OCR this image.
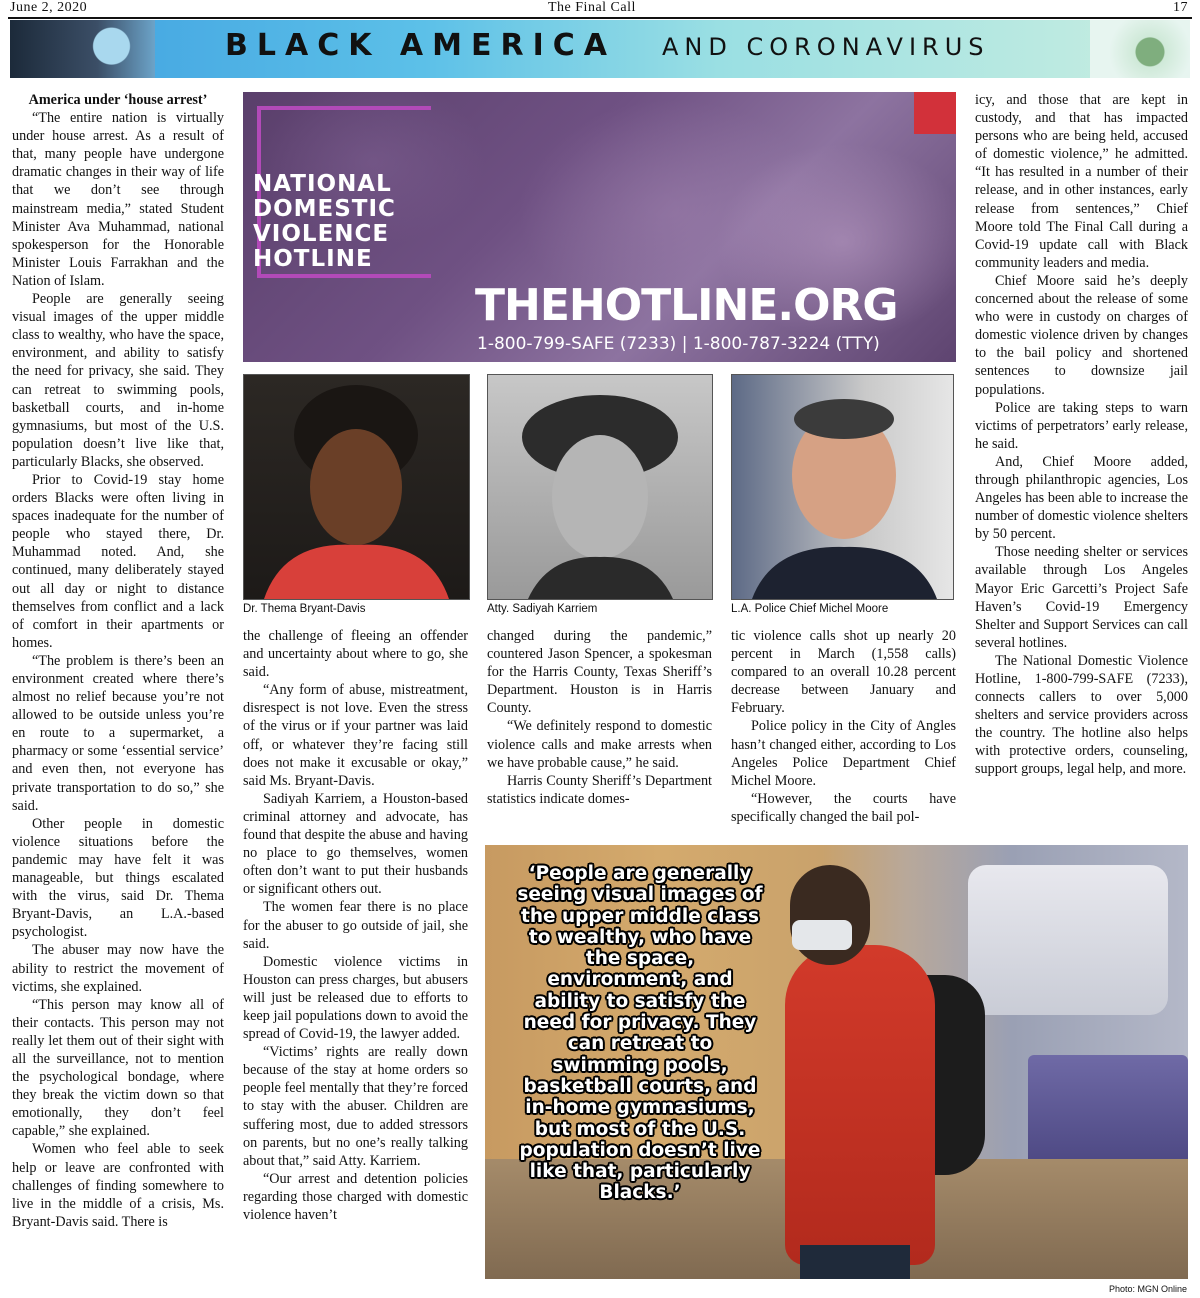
June 2, 2020	The Final Call	17
BLACK AMERICA AND CORONAVIRUS

America under ‘house arrest’

“The entire nation is virtually under house arrest. As a result of that, many people have undergone dramatic changes in their way of life that we don’t see through mainstream media,” stated Student Minister Ava Muhammad, national spokesperson for the Honorable Minister Louis Farrakhan and the Nation of Islam.

People are generally seeing visual images of the upper middle class to wealthy, who have the space, environment, and ability to satisfy the need for privacy, she said. They can retreat to swimming pools, basketball courts, and in-home gymnasiums, but most of the U.S. population doesn’t live like that, particularly Blacks, she observed.

Prior to Covid-19 stay home orders Blacks were often living in spaces inadequate for the number of people who stayed there, Dr. Muhammad noted. And, she continued, many deliberately stayed out all day or night to distance themselves from conflict and a lack of comfort in their apartments or homes.

“The problem is there’s been an environment created where there’s almost no relief because you’re not allowed to be outside unless you’re en route to a supermarket, a pharmacy or some ‘essential service’ and even then, not everyone has private transportation to do so,” she said.

Other people in domestic violence situations before the pandemic may have felt it was manageable, but things escalated with the virus, said Dr. Thema Bryant-Davis, an L.A.-based psychologist.

The abuser may now have the ability to restrict the movement of victims, she explained.

“This person may know all of their contacts. This person may not really let them out of their sight with all the surveillance, not to mention the psychological bondage, where they break the victim down so that emotionally, they don’t feel capable,” she explained.

Women who feel able to seek help or leave are confronted with challenges of finding somewhere to live in the middle of a crisis, Ms. Bryant-Davis said. There is

NATIONAL
DOMESTIC
VIOLENCE
HOTLINE
THEHOTLINE.ORG
1-800-799-SAFE (7233) | 1-800-787-3224 (TTY)
Dr. Thema Bryant-Davis	Atty. Sadiyah Karriem	L.A. Police Chief Michel Moore

the challenge of fleeing an offender and uncertainty about where to go, she said.

“Any form of abuse, mistreatment, disrespect is not love. Even the stress of the virus or if your partner was laid off, or whatever they’re facing still does not make it excusable or okay,” said Ms. Bryant-Davis.

Sadiyah Karriem, a Houston-based criminal attorney and advocate, has found that despite the abuse and having no place to go themselves, women often don’t want to put their husbands or significant others out.

The women fear there is no place for the abuser to go outside of jail, she said.

Domestic violence victims in Houston can press charges, but abusers will just be released due to efforts to keep jail populations down to avoid the spread of Covid-19, the lawyer added.

“Victims’ rights are really down because of the stay at home orders so people feel mentally that they’re forced to stay with the abuser. Children are suffering most, due to added stressors on parents, but no one’s really talking about that,” said Atty. Karriem.

“Our arrest and detention policies regarding those charged with domestic violence haven’t

changed during the pandemic,” countered Jason Spencer, a spokesman for the Harris County, Texas Sheriff’s Department. Houston is in Harris County.

“We definitely respond to domestic violence calls and make arrests when we have probable cause,” he said.

Harris County Sheriff’s Department statistics indicate domes-

tic violence calls shot up nearly 20 percent in March (1,558 calls) compared to an overall 10.28 percent decrease between January and February.

Police policy in the City of Angles hasn’t changed either, according to Los Angeles Police Department Chief Michel Moore.

“However, the courts have specifically changed the bail pol-

icy, and those that are kept in custody, and that has impacted persons who are being held, accused of domestic violence,” he admitted. “It has resulted in a number of their release, and in other instances, early release from sentences,” Chief Moore told The Final Call during a Covid-19 update call with Black community leaders and media.

Chief Moore said he’s deeply concerned about the release of some who were in custody on charges of domestic violence driven by changes to the bail policy and shortened sentences to downsize jail populations.

Police are taking steps to warn victims of perpetrators’ early release, he said.

And, Chief Moore added, through philanthropic agencies, Los Angeles has been able to increase the number of domestic violence shelters by 50 percent.

Those needing shelter or services available through Los Angeles Mayor Eric Garcetti’s Project Safe Haven’s Covid-19 Emergency Shelter and Support Services can call several hotlines.

The National Domestic Violence Hotline, 1-800-799-SAFE (7233), connects callers to over 5,000 shelters and service providers across the country. The hotline also helps with protective orders, counseling, support groups, legal help, and more.

‘People are generally seeing visual images of the upper middle class to wealthy, who have the space, environment, and ability to satisfy the need for privacy. They can retreat to swimming pools, basketball courts, and in-home gymnasiums, but most of the U.S. population doesn’t live like that, particularly Blacks.’
Photo: MGN Online
